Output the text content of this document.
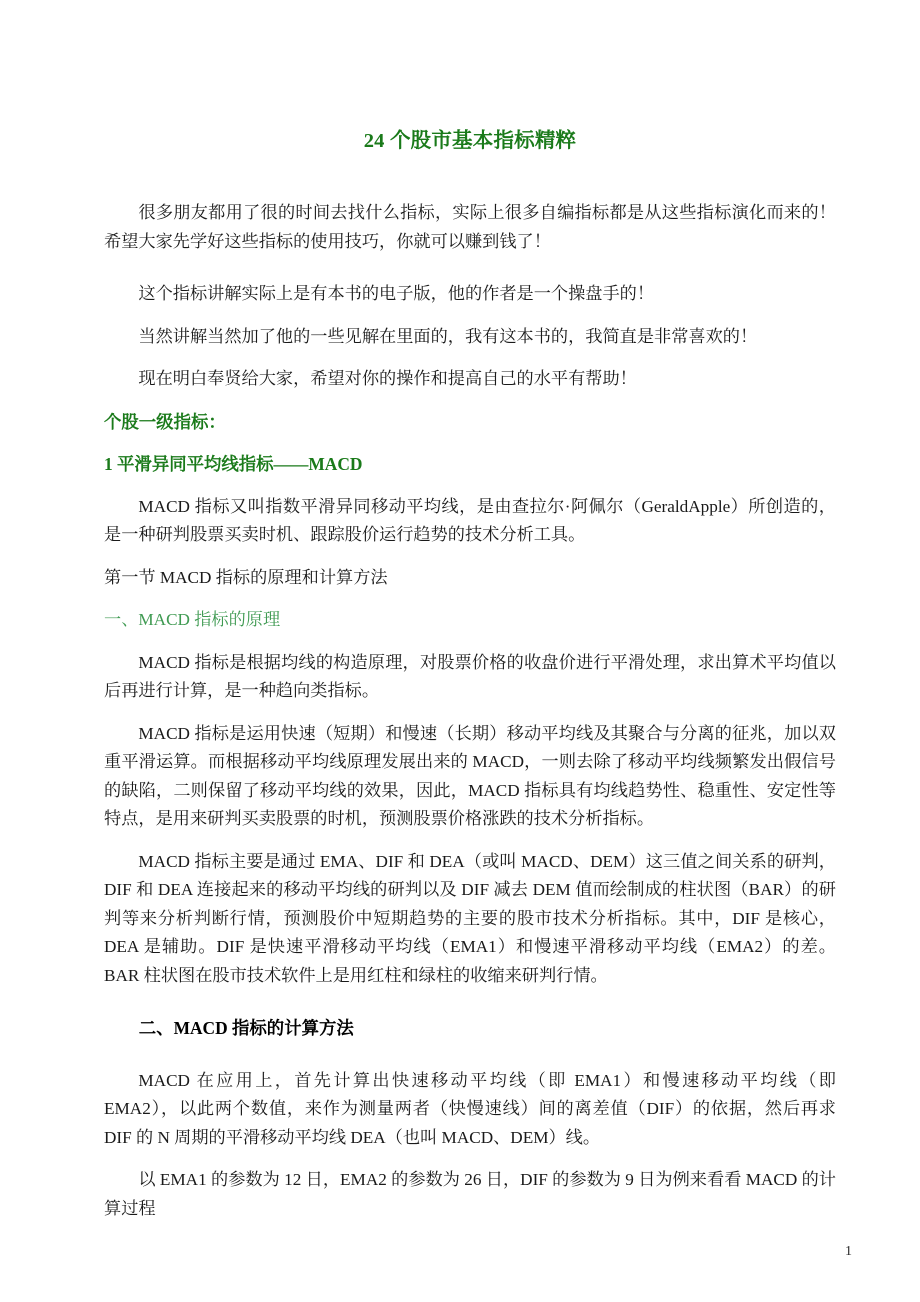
24 个股市基本指标精粹

很多朋友都用了很的时间去找什么指标，实际上很多自编指标都是从这些指标演化而来的！希望大家先学好这些指标的使用技巧，你就可以赚到钱了！

这个指标讲解实际上是有本书的电子版，他的作者是一个操盘手的！

当然讲解当然加了他的一些见解在里面的，我有这本书的，我简直是非常喜欢的！

现在明白奉贤给大家，希望对你的操作和提高自己的水平有帮助！

个股一级指标：
1 平滑异同平均线指标——MACD

MACD 指标又叫指数平滑异同移动平均线，是由查拉尔·阿佩尔（GeraldApple）所创造的，是一种研判股票买卖时机、跟踪股价运行趋势的技术分析工具。

第一节 MACD 指标的原理和计算方法

一、MACD 指标的原理

MACD 指标是根据均线的构造原理，对股票价格的收盘价进行平滑处理，求出算术平均值以后再进行计算，是一种趋向类指标。

MACD 指标是运用快速（短期）和慢速（长期）移动平均线及其聚合与分离的征兆，加以双重平滑运算。而根据移动平均线原理发展出来的 MACD，一则去除了移动平均线频繁发出假信号的缺陷，二则保留了移动平均线的效果，因此，MACD 指标具有均线趋势性、稳重性、安定性等特点，是用来研判买卖股票的时机，预测股票价格涨跌的技术分析指标。

MACD 指标主要是通过 EMA、DIF 和 DEA（或叫 MACD、DEM）这三值之间关系的研判，DIF 和 DEA 连接起来的移动平均线的研判以及 DIF 减去 DEM 值而绘制成的柱状图（BAR）的研判等来分析判断行情，预测股价中短期趋势的主要的股市技术分析指标。其中，DIF 是核心，DEA 是辅助。DIF 是快速平滑移动平均线（EMA1）和慢速平滑移动平均线（EMA2）的差。BAR 柱状图在股市技术软件上是用红柱和绿柱的收缩来研判行情。

二、MACD 指标的计算方法

MACD 在应用上，首先计算出快速移动平均线（即 EMA1）和慢速移动平均线（即 EMA2），以此两个数值，来作为测量两者（快慢速线）间的离差值（DIF）的依据，然后再求 DIF 的 N 周期的平滑移动平均线 DEA（也叫 MACD、DEM）线。

以 EMA1 的参数为 12 日，EMA2 的参数为 26 日，DIF 的参数为 9 日为例来看看 MACD 的计算过程

1
